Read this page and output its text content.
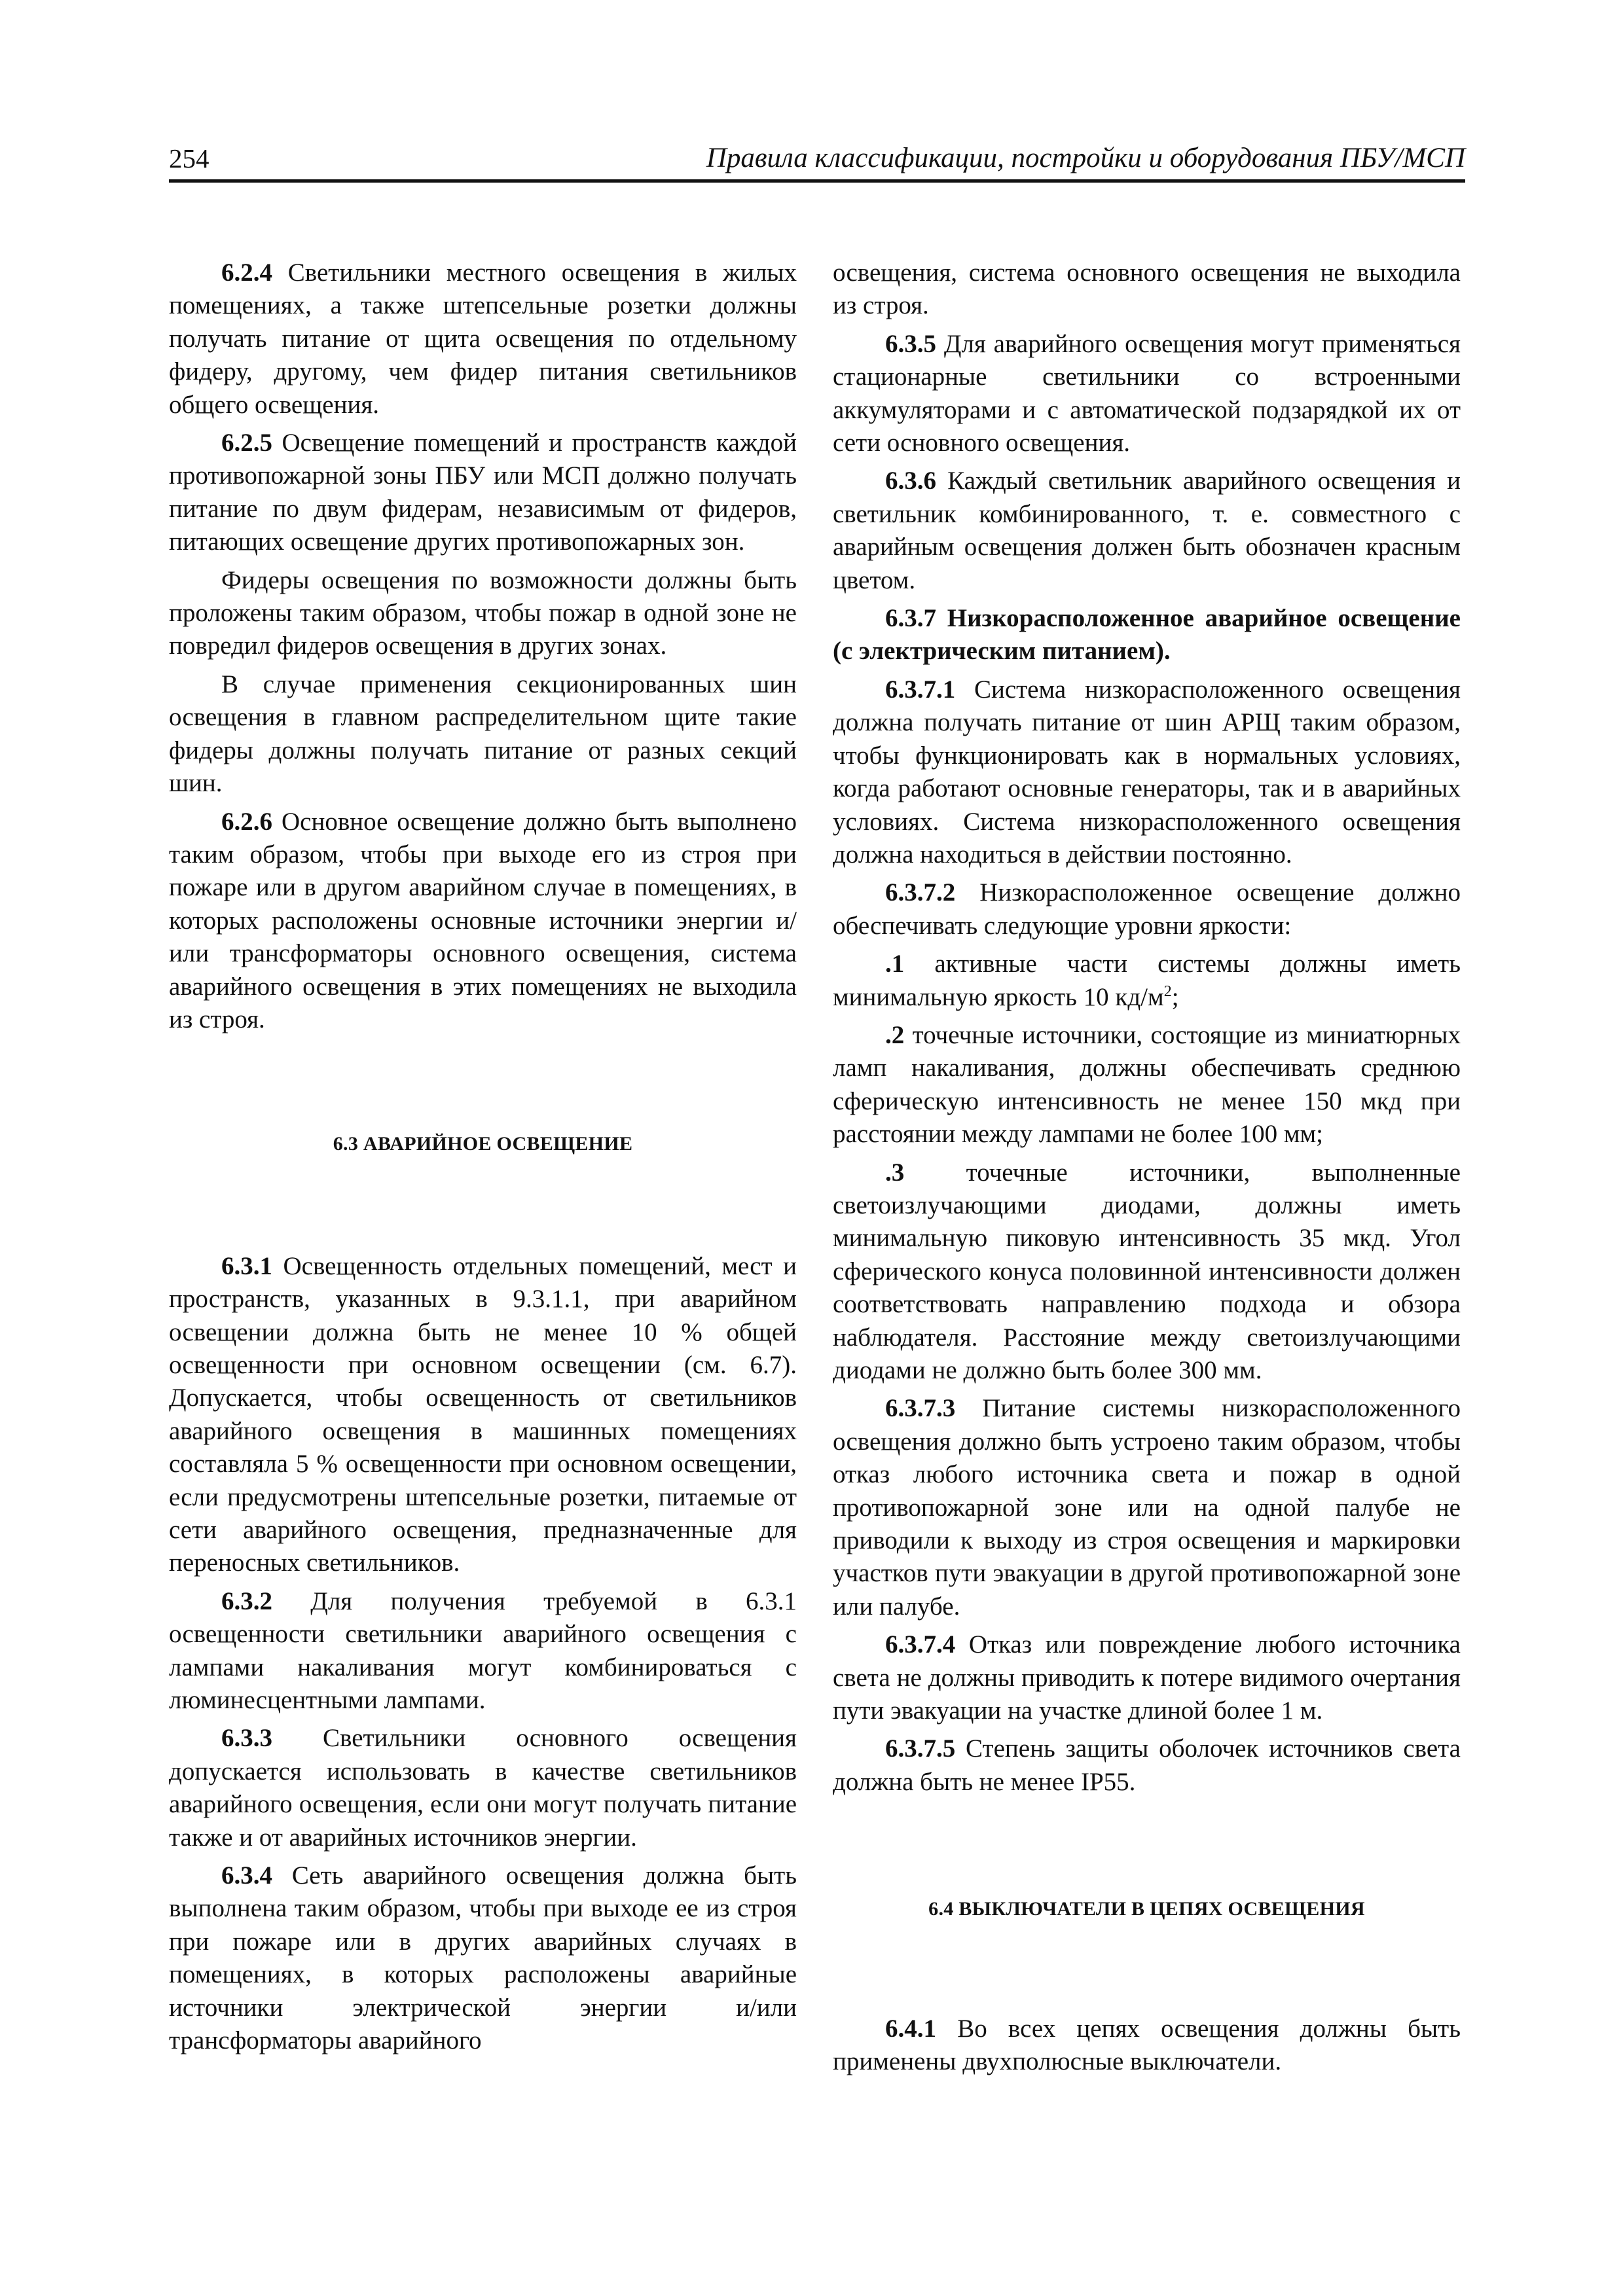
254	Правила классификации, постройки и оборудования ПБУ/МСП

6.2.4 Светильники местного освещения в жилых помещениях, а также штепсельные розетки должны получать питание от щита освещения по отдельному фидеру, другому, чем фидер питания светильников общего освещения.

6.2.5 Освещение помещений и пространств каждой противопожарной зоны ПБУ или МСП должно получать питание по двум фидерам, независимым от фидеров, питающих освещение других противопожарных зон.

Фидеры освещения по возможности должны быть проложены таким образом, чтобы пожар в одной зоне не повредил фидеров освещения в других зонах.

В случае применения секционированных шин освещения в главном распределительном щите такие фидеры должны получать питание от разных секций шин.

6.2.6 Основное освещение должно быть выполнено таким образом, чтобы при выходе его из строя при пожаре или в другом аварийном случае в помещениях, в которых расположены основные источники энергии и/или трансформаторы основного освещения, система аварийного освещения в этих помещениях не выходила из строя.

6.3 АВАРИЙНОЕ ОСВЕЩЕНИЕ

6.3.1 Освещенность отдельных помещений, мест и пространств, указанных в 9.3.1.1, при аварийном освещении должна быть не менее 10 % общей освещенности при основном освещении (см. 6.7). Допускается, чтобы освещенность от светильников аварийного освещения в машинных помещениях составляла 5 % освещенности при основном освещении, если предусмотрены штепсельные розетки, питаемые от сети аварийного освещения, предназначенные для переносных светильников.

6.3.2 Для получения требуемой в 6.3.1 освещенности светильники аварийного освещения с лампами накаливания могут комбинироваться с люминесцентными лампами.

6.3.3 Светильники основного освещения допускается использовать в качестве светильников аварийного освещения, если они могут получать питание также и от аварийных источников энергии.

6.3.4 Сеть аварийного освещения должна быть выполнена таким образом, чтобы при выходе ее из строя при пожаре или в других аварийных случаях в помещениях, в которых расположены аварийные источники электрической энергии и/или трансформаторы аварийного

освещения, система основного освещения не выходила из строя.

6.3.5 Для аварийного освещения могут применяться стационарные светильники со встроенными аккумуляторами и с автоматической подзарядкой их от сети основного освещения.

6.3.6 Каждый светильник аварийного освещения и светильник комбинированного, т. е. совместного с аварийным освещения должен быть обозначен красным цветом.

6.3.7 Низкорасположенное аварийное освещение (с электрическим питанием).

6.3.7.1 Система низкорасположенного освещения должна получать питание от шин АРЩ таким образом, чтобы функционировать как в нормальных условиях, когда работают основные генераторы, так и в аварийных условиях. Система низкорасположенного освещения должна находиться в действии постоянно.

6.3.7.2 Низкорасположенное освещение должно обеспечивать следующие уровни яркости:

.1 активные части системы должны иметь минимальную яркость 10 $кд/м^2$;

.2 точечные источники, состоящие из миниатюрных ламп накаливания, должны обеспечивать среднюю сферическую интенсивность не менее 150 мкд при расстоянии между лампами не более 100 мм;

.3 точечные источники, выполненные светоизлучающими диодами, должны иметь минимальную пиковую интенсивность 35 мкд. Угол сферического конуса половинной интенсивности должен соответствовать направлению подхода и обзора наблюдателя. Расстояние между светоизлучающими диодами не должно быть более 300 мм.

6.3.7.3 Питание системы низкорасположенного освещения должно быть устроено таким образом, чтобы отказ любого источника света и пожар в одной противопожарной зоне или на одной палубе не приводили к выходу из строя освещения и маркировки участков пути эвакуации в другой противопожарной зоне или палубе.

6.3.7.4 Отказ или повреждение любого источника света не должны приводить к потере видимого очертания пути эвакуации на участке длиной более 1 м.

6.3.7.5 Степень защиты оболочек источников света должна быть не менее IP55.

6.4 ВЫКЛЮЧАТЕЛИ В ЦЕПЯХ ОСВЕЩЕНИЯ

6.4.1 Во всех цепях освещения должны быть применены двухполюсные выключатели.
